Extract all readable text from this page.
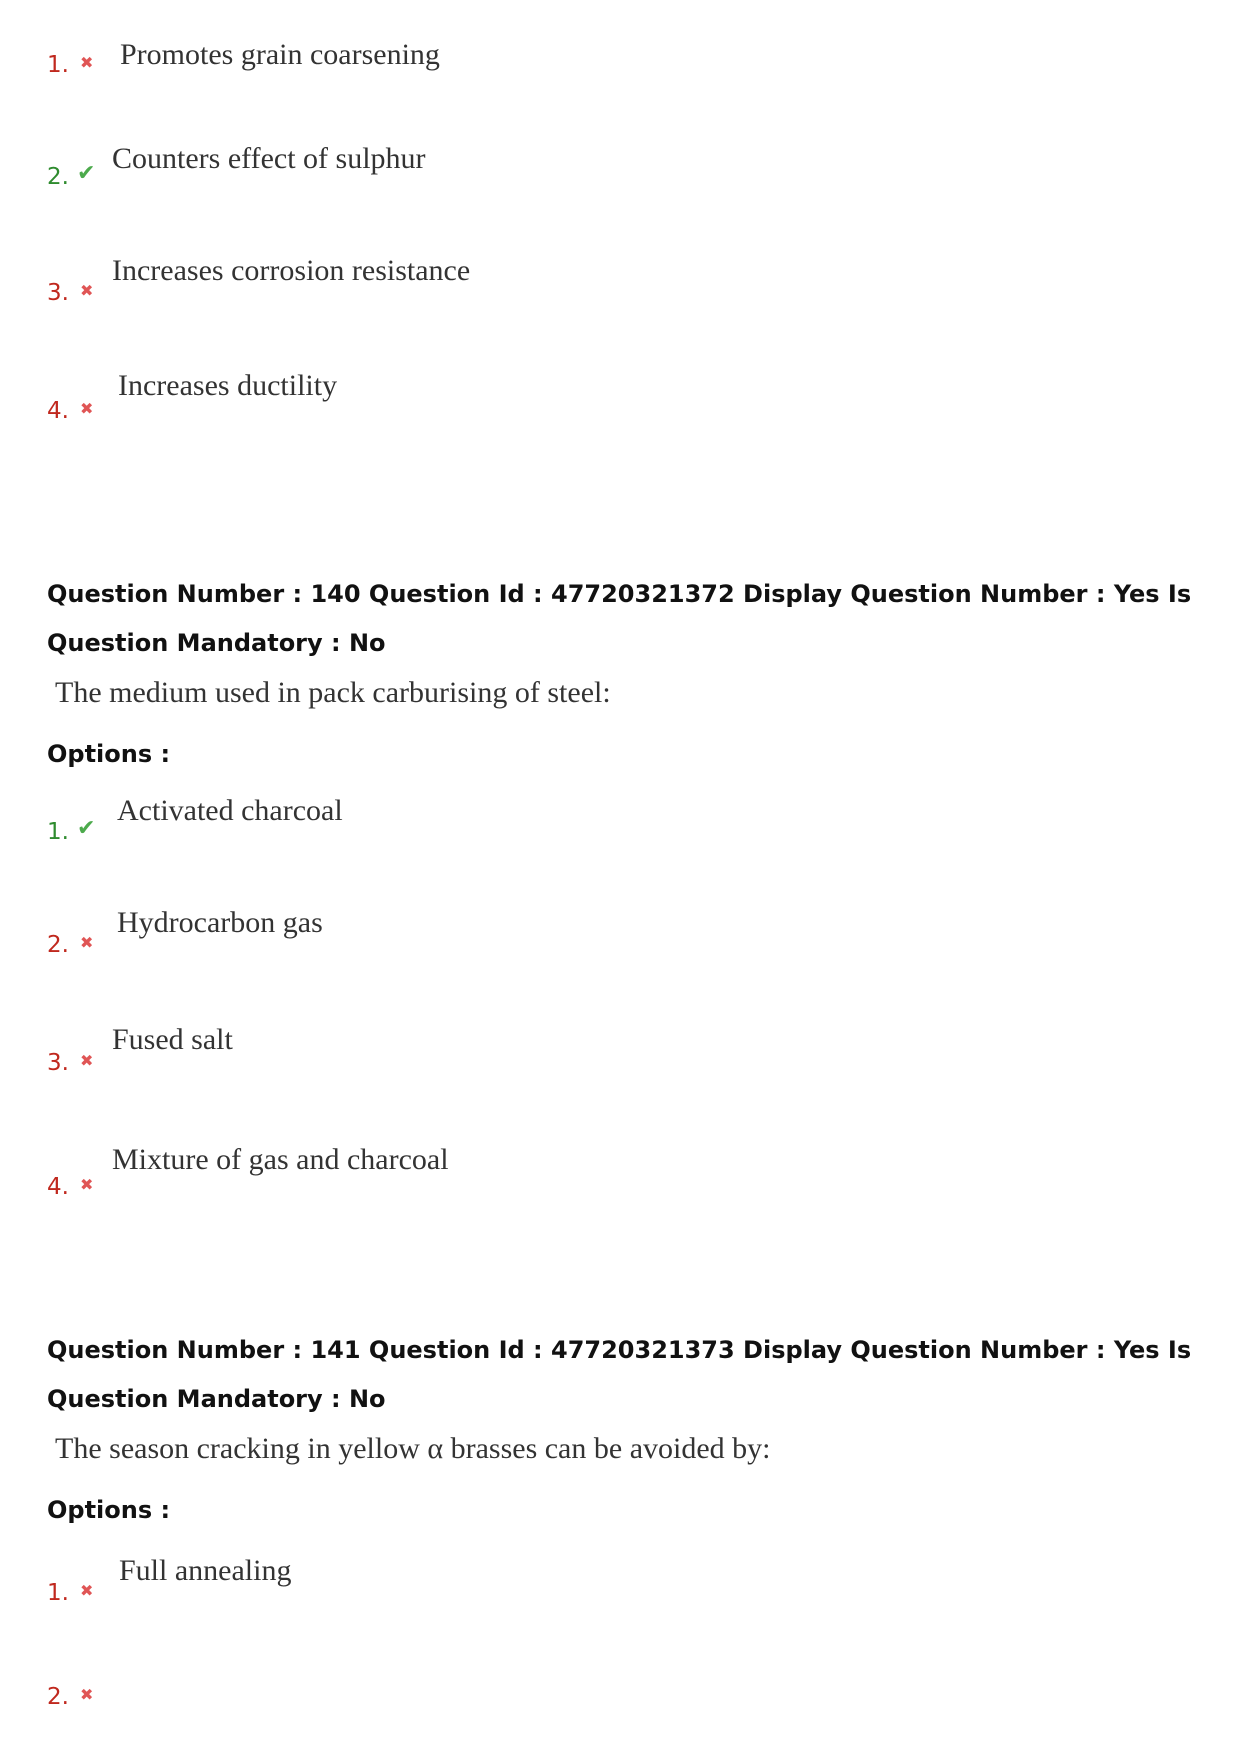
1. ✖ Promotes grain coarsening
2. ✔ Counters effect of sulphur
3. ✖
Increases corrosion resistance
4. ✖
Increases ductility
Question Number : 140 Question Id : 47720321372 Display Question Number : Yes Is Question Mandatory : No
The medium used in pack carburising of steel:
Options :
1. ✔
Activated charcoal
2. ✖
Hydrocarbon gas
3. ✖
Fused salt
4. ✖
Mixture of gas and charcoal
Question Number : 141 Question Id : 47720321373 Display Question Number : Yes Is Question Mandatory : No
The season cracking in yellow α brasses can be avoided by:
Options :
1. ✖
Full annealing
2. ✖
